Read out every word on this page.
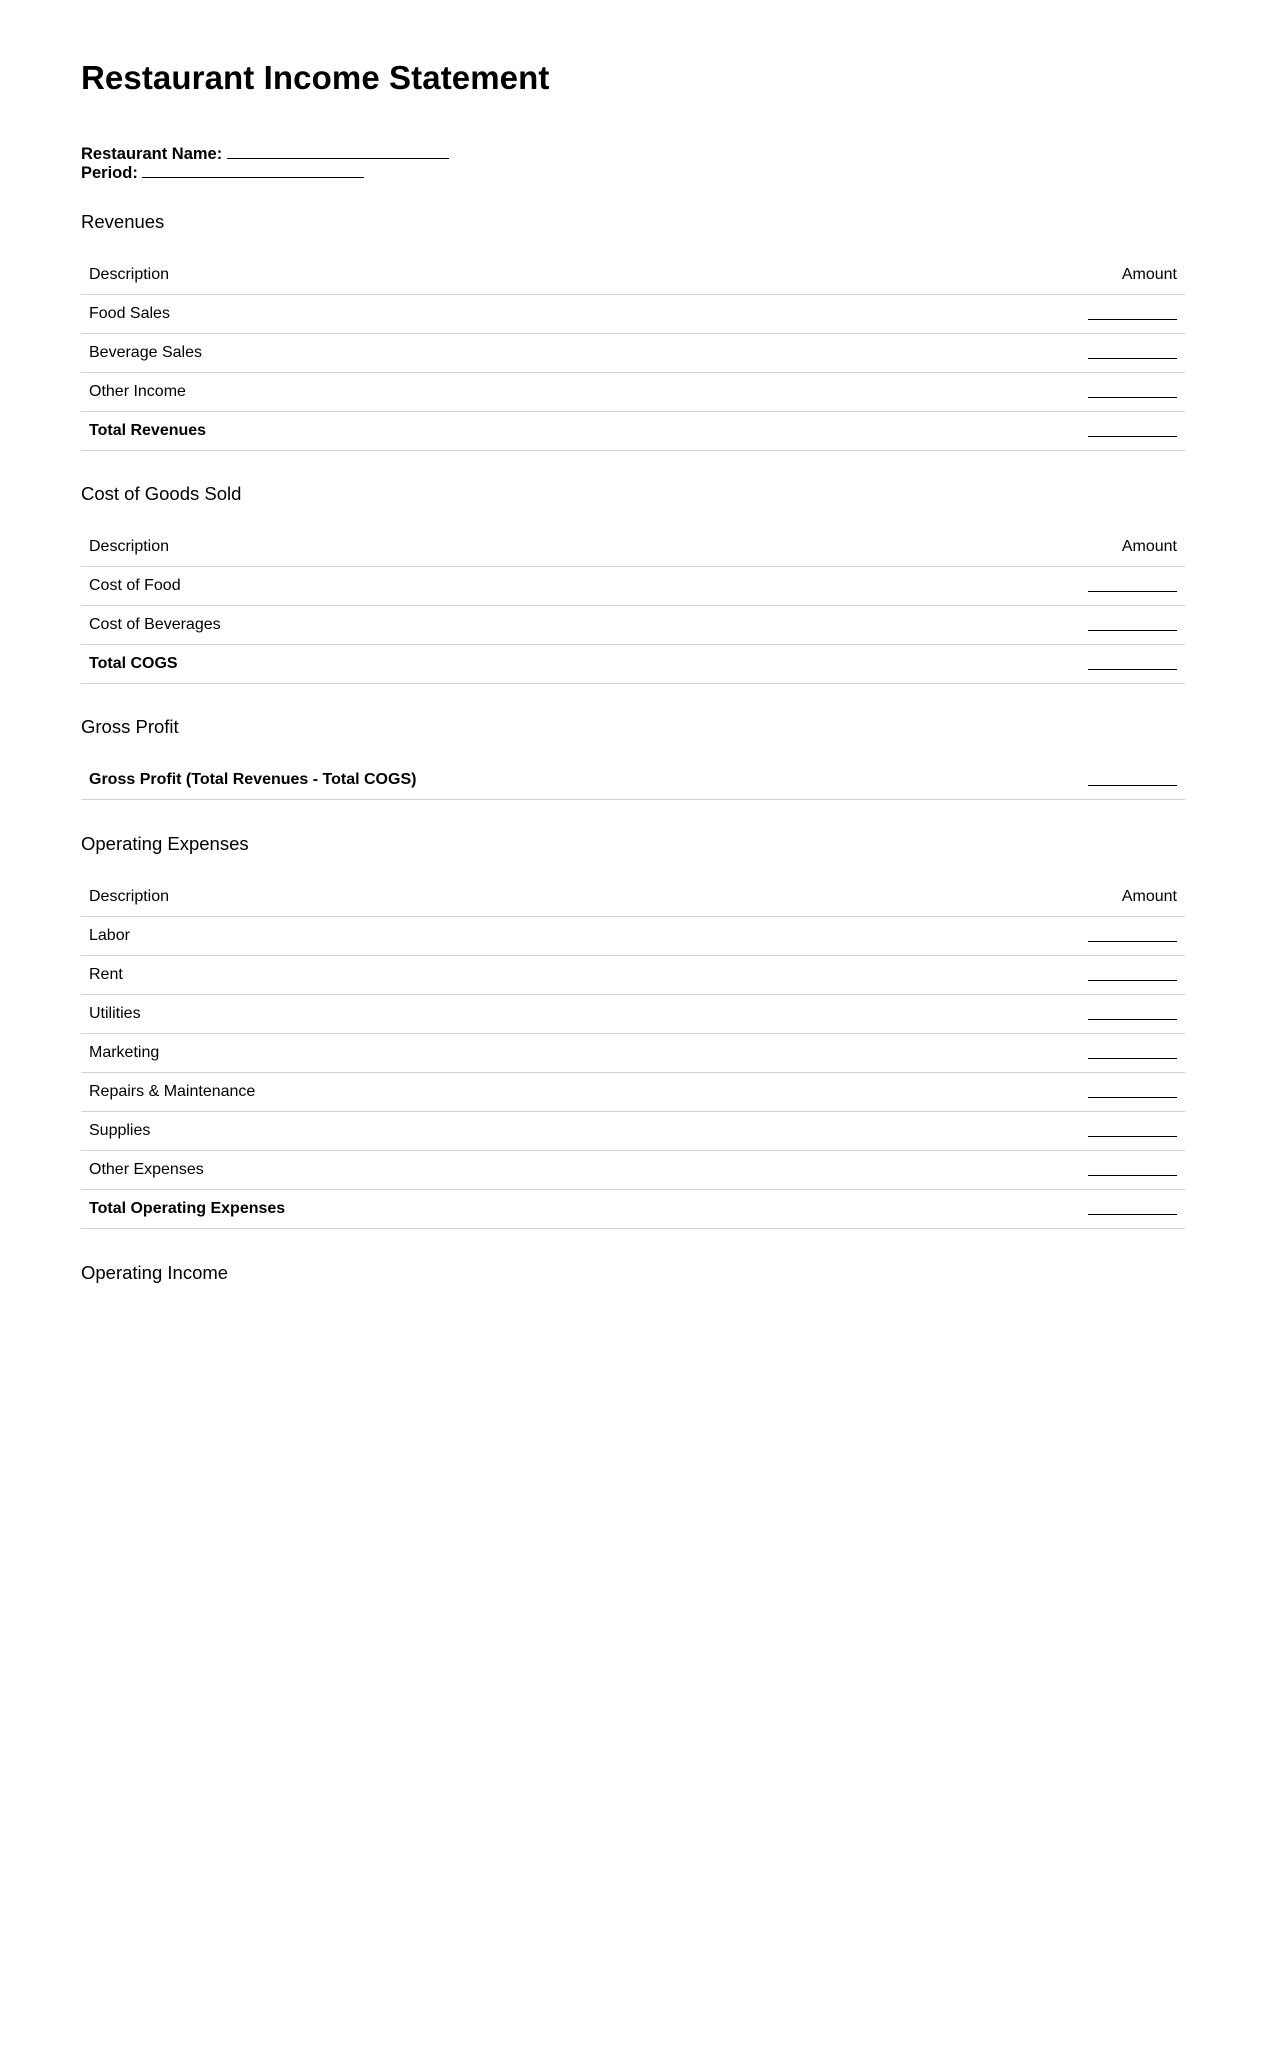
Restaurant Income Statement
Restaurant Name:
Period:
Revenues
Description	Amount
Food Sales	
Beverage Sales	
Other Income	
Total Revenues	
Cost of Goods Sold
Description	Amount
Cost of Food	
Cost of Beverages	
Total COGS	
Gross Profit
Gross Profit (Total Revenues - Total COGS)	
Operating Expenses
Description	Amount
Labor	
Rent	
Utilities	
Marketing	
Repairs & Maintenance	
Supplies	
Other Expenses	
Total Operating Expenses	
Operating Income
